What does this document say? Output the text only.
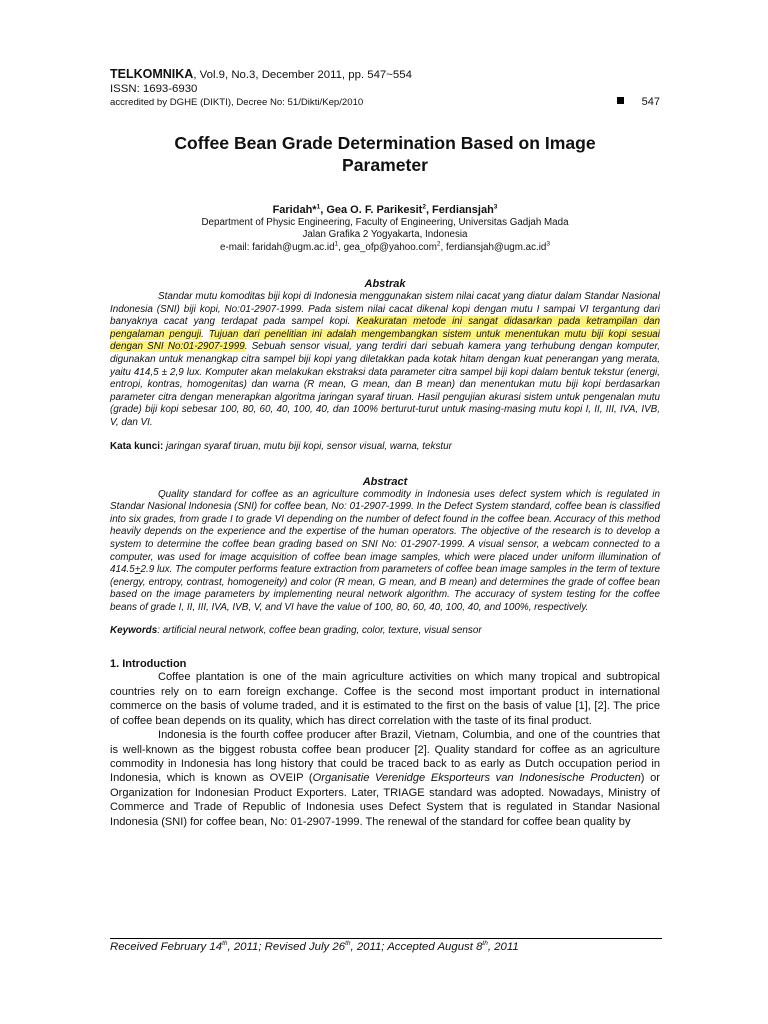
TELKOMNIKA, Vol.9, No.3, December 2011, pp. 547~554
ISSN: 1693-6930
accredited by DGHE (DIKTI), Decree No: 51/Dikti/Kep/2010	547
Coffee Bean Grade Determination Based on Image
Parameter
Faridah*$^1$, Gea O. F. Parikesit$^2$, Ferdiansjah$^3$
Department of Physic Engineering, Faculty of Engineering, Universitas Gadjah Mada
Jalan Grafika 2 Yogyakarta, Indonesia
e-mail: $faridah@ugm.ac.id^1$, gea_ofp@yahoo.com$^2$, $ferdiansjah@ugm.ac.id^3$
Abstrak
Standar mutu komoditas biji kopi di Indonesia menggunakan sistem nilai cacat yang diatur dalam Standar Nasional Indonesia (SNI) biji kopi, No:01-2907-1999. Pada sistem nilai cacat dikenal kopi dengan mutu I sampai VI tergantung dari banyaknya cacat yang terdapat pada sampel kopi. Keakuratan metode ini sangat didasarkan pada ketrampilan dan pengalaman penguji. Tujuan dari penelitian ini adalah mengembangkan sistem untuk menentukan mutu biji kopi sesuai dengan SNI No:01-2907-1999. Sebuah sensor visual, yang terdiri dari sebuah kamera yang terhubung dengan komputer, digunakan untuk menangkap citra sampel biji kopi yang diletakkan pada kotak hitam dengan kuat penerangan yang merata, yaitu 414,5 ± 2,9 lux. Komputer akan melakukan ekstraksi data parameter citra sampel biji kopi dalam bentuk tekstur (energi, entropi, kontras, homogenitas) dan warna (R mean, G mean, dan B mean) dan menentukan mutu biji kopi berdasarkan parameter citra dengan menerapkan algoritma jaringan syaraf tiruan. Hasil pengujian akurasi sistem untuk pengenalan mutu (grade) biji kopi sebesar 100, 80, 60, 40, 100, 40, dan 100% berturut-turut untuk masing-masing mutu kopi I, II, III, IVA, IVB, V, dan VI.
Kata kunci: jaringan syaraf tiruan, mutu biji kopi, sensor visual, warna, tekstur
Abstract
Quality standard for coffee as an agriculture commodity in Indonesia uses defect system which is regulated in Standar Nasional Indonesia (SNI) for coffee bean, No: 01-2907-1999. In the Defect System standard, coffee bean is classified into six grades, from grade I to grade VI depending on the number of defect found in the coffee bean. Accuracy of this method heavily depends on the experience and the expertise of the human operators. The objective of the research is to develop a system to determine the coffee bean grading based on SNI No: 01-2907-1999. A visual sensor, a webcam connected to a computer, was used for image acquisition of coffee bean image samples, which were placed under uniform illumination of 414.5+2.9 lux. The computer performs feature extraction from parameters of coffee bean image samples in the term of texture (energy, entropy, contrast, homogeneity) and color (R mean, G mean, and B mean) and determines the grade of coffee bean based on the image parameters by implementing neural network algorithm. The accuracy of system testing for the coffee beans of grade I, II, III, IVA, IVB, V, and VI have the value of 100, 80, 60, 40, 100, 40, and 100%, respectively.
Keywords: artificial neural network, coffee bean grading, color, texture, visual sensor
1. Introduction

Coffee plantation is one of the main agriculture activities on which many tropical and subtropical countries rely on to earn foreign exchange. Coffee is the second most important product in international commerce on the basis of volume traded, and it is estimated to the first on the basis of value [1], [2]. The price of coffee bean depends on its quality, which has direct correlation with the taste of its final product.

Indonesia is the fourth coffee producer after Brazil, Vietnam, Columbia, and one of the countries that is well-known as the biggest robusta coffee bean producer [2]. Quality standard for coffee as an agriculture commodity in Indonesia has long history that could be traced back to as early as Dutch occupation period in Indonesia, which is known as OVEIP (Organisatie Verenidge Eksporteurs van Indonesische Producten) or Organization for Indonesian Product Exporters. Later, TRIAGE standard was adopted. Nowadays, Ministry of Commerce and Trade of Republic of Indonesia uses Defect System that is regulated in Standar Nasional Indonesia (SNI) for coffee bean, No: 01-2907-1999. The renewal of the standard for coffee bean quality by

Received February 14th, 2011; Revised July 26th, 2011; Accepted August 8th, 2011
